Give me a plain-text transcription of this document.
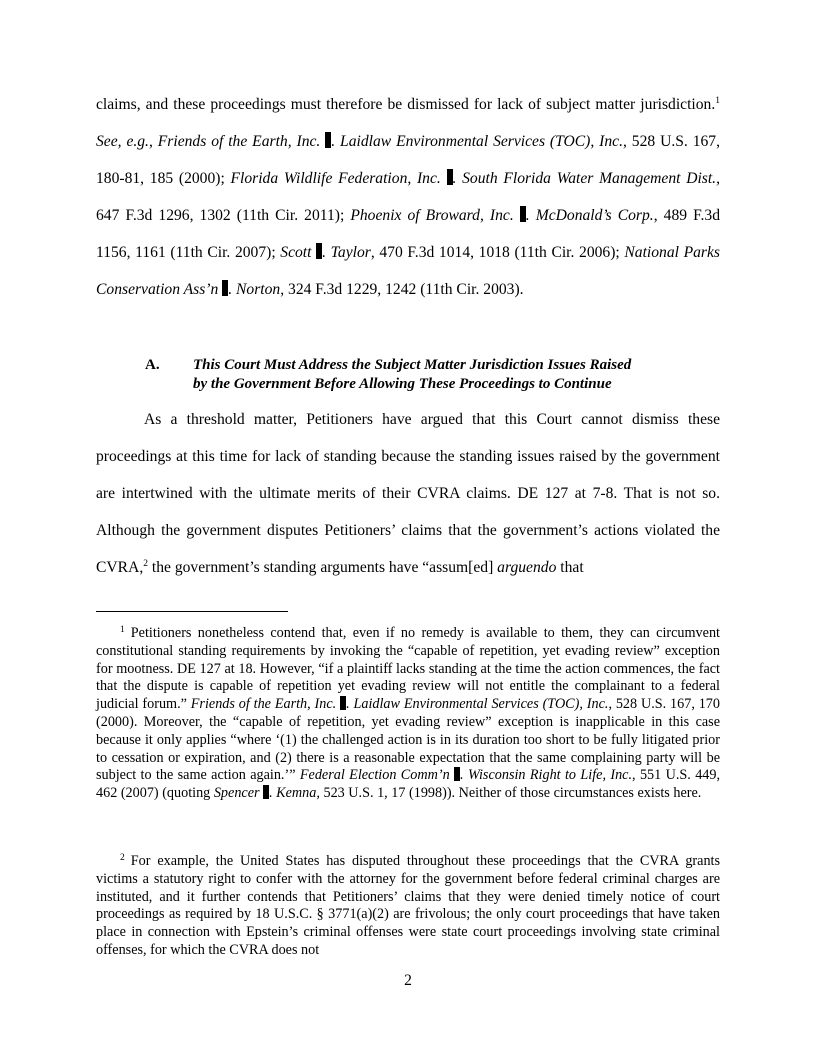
claims, and these proceedings must therefore be dismissed for lack of subject matter jurisdiction.$^1$ See, e.g., Friends of the Earth, Inc. . Laidlaw Environmental Services (TOC), Inc., 528 U.S. 167, 180-81, 185 (2000); Florida Wildlife Federation, Inc. . South Florida Water Management Dist., 647 F.3d 1296, 1302 (11th Cir. 2011); Phoenix of Broward, Inc. . McDonald’s Corp., 489 F.3d 1156, 1161 (11th Cir. 2007); Scott . Taylor, 470 F.3d 1014, 1018 (11th Cir. 2006); National Parks Conservation Ass’n . Norton, 324 F.3d 1229, 1242 (11th Cir. 2003).
A. This Court Must Address the Subject Matter Jurisdiction Issues Raised
by the Government Before Allowing These Proceedings to Continue
As a threshold matter, Petitioners have argued that this Court cannot dismiss these proceedings at this time for lack of standing because the standing issues raised by the government are intertwined with the ultimate merits of their CVRA claims. DE 127 at 7-8. That is not so. Although the government disputes Petitioners’ claims that the government’s actions violated the CVRA,$^2$ the government’s standing arguments have “assum[ed] arguendo that
$^1$ Petitioners nonetheless contend that, even if no remedy is available to them, they can circumvent constitutional standing requirements by invoking the “capable of repetition, yet evading review” exception for mootness. DE 127 at 18. However, “if a plaintiff lacks standing at the time the action commences, the fact that the dispute is capable of repetition yet evading review will not entitle the complainant to a federal judicial forum.” Friends of the Earth, Inc. . Laidlaw Environmental Services (TOC), Inc., 528 U.S. 167, 170 (2000). Moreover, the “capable of repetition, yet evading review” exception is inapplicable in this case because it only applies “where ‘(1) the challenged action is in its duration too short to be fully litigated prior to cessation or expiration, and (2) there is a reasonable expectation that the same complaining party will be subject to the same action again.’” Federal Election Comm’n . Wisconsin Right to Life, Inc., 551 U.S. 449, 462 (2007) (quoting Spencer . Kemna, 523 U.S. 1, 17 (1998)). Neither of those circumstances exists here.
$^2$ For example, the United States has disputed throughout these proceedings that the CVRA grants victims a statutory right to confer with the attorney for the government before federal criminal charges are instituted, and it further contends that Petitioners’ claims that they were denied timely notice of court proceedings as required by 18 U.S.C. § 3771(a)(2) are frivolous; the only court proceedings that have taken place in connection with Epstein’s criminal offenses were state court proceedings involving state criminal offenses, for which the CVRA does not
2
